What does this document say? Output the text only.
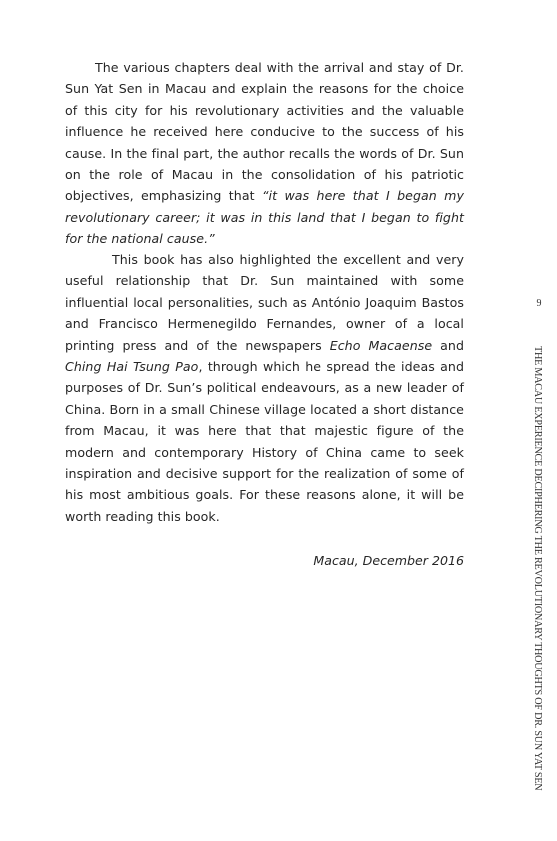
The various chapters deal with the arrival and stay of Dr. Sun Yat Sen in Macau and explain the reasons for the choice of this city for his revolutionary activities and the valuable influence he received here conducive to the success of his cause. In the final part, the author recalls the words of Dr. Sun on the role of Macau in the consolidation of his patriotic objectives, emphasizing that “it was here that I began my revolutionary career; it was in this land that I began to fight for the national cause.”
This book has also highlighted the excellent and very useful relationship that Dr. Sun maintained with some influential local personalities, such as António Joaquim Bastos and Francisco Hermenegildo Fernandes, owner of a local printing press and of the newspapers Echo Macaense and Ching Hai Tsung Pao, through which he spread the ideas and purposes of Dr. Sun’s political endeavours, as a new leader of China. Born in a small Chinese village located a short distance from Macau, it was here that that majestic figure of the modern and contemporary History of China came to seek inspiration and decisive support for the realization of some of his most ambitious goals. For these reasons alone, it will be worth reading this book.
Macau, December 2016
9
THE MACAU EXPERIENCE DECIPHERING THE REVOLUTIONARY THOUGHTS OF DR. SUN YAT SEN
